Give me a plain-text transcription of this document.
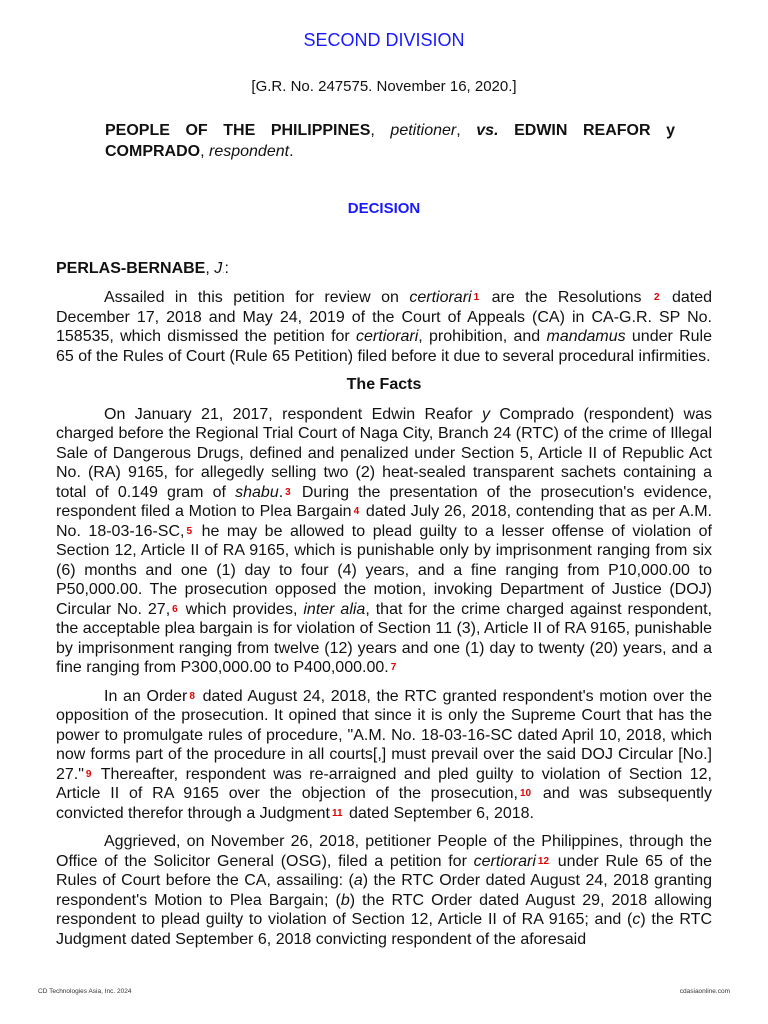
SECOND DIVISION
[G.R. No. 247575. November 16, 2020.]
PEOPLE OF THE PHILIPPINES, petitioner, vs. EDWIN REAFOR y COMPRADO, respondent.
DECISION
PERLAS-BERNABE, J.:

Assailed in this petition for review on certiorari 1 are the Resolutions 2 dated December 17, 2018 and May 24, 2019 of the Court of Appeals (CA) in CA-G.R. SP No. 158535, which dismissed the petition for certiorari, prohibition, and mandamus under Rule 65 of the Rules of Court (Rule 65 Petition) filed before it due to several procedural infirmities.

The Facts

On January 21, 2017, respondent Edwin Reafor y Comprado (respondent) was charged before the Regional Trial Court of Naga City, Branch 24 (RTC) of the crime of Illegal Sale of Dangerous Drugs, defined and penalized under Section 5, Article II of Republic Act No. (RA) 9165, for allegedly selling two (2) heat-sealed transparent sachets containing a total of 0.149 gram of shabu. 3 During the presentation of the prosecution's evidence, respondent filed a Motion to Plea Bargain 4 dated July 26, 2018, contending that as per A.M. No. 18-03-16-SC, 5 he may be allowed to plead guilty to a lesser offense of violation of Section 12, Article II of RA 9165, which is punishable only by imprisonment ranging from six (6) months and one (1) day to four (4) years, and a fine ranging from P10,000.00 to P50,000.00. The prosecution opposed the motion, invoking Department of Justice (DOJ) Circular No. 27, 6 which provides, inter alia, that for the crime charged against respondent, the acceptable plea bargain is for violation of Section 11 (3), Article II of RA 9165, punishable by imprisonment ranging from twelve (12) years and one (1) day to twenty (20) years, and a fine ranging from P300,000.00 to P400,000.00. 7

In an Order 8 dated August 24, 2018, the RTC granted respondent's motion over the opposition of the prosecution. It opined that since it is only the Supreme Court that has the power to promulgate rules of procedure, "A.M. No. 18-03-16-SC dated April 10, 2018, which now forms part of the procedure in all courts[,] must prevail over the said DOJ Circular [No.] 27." 9 Thereafter, respondent was re-arraigned and pled guilty to violation of Section 12, Article II of RA 9165 over the objection of the prosecution, 10 and was subsequently convicted therefor through a Judgment 11 dated September 6, 2018.

Aggrieved, on November 26, 2018, petitioner People of the Philippines, through the Office of the Solicitor General (OSG), filed a petition for certiorari 12 under Rule 65 of the Rules of Court before the CA, assailing: (a) the RTC Order dated August 24, 2018 granting respondent's Motion to Plea Bargain; (b) the RTC Order dated August 29, 2018 allowing respondent to plead guilty to violation of Section 12, Article II of RA 9165; and (c) the RTC Judgment dated September 6, 2018 convicting respondent of the aforesaid

CD Technologies Asia, Inc. 2024	cdasiaonline.com
